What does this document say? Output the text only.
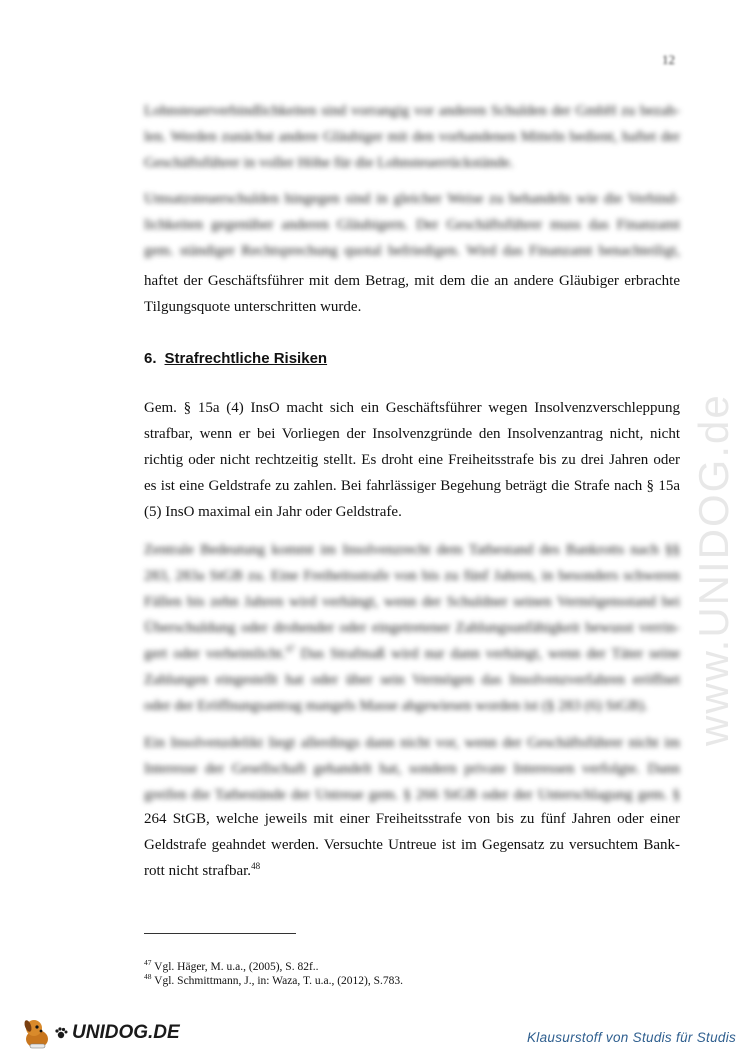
12
Lohnsteuerverbindlichkeiten sind vorrangig vor anderen Schulden der GmbH zu bezah-
len. Werden zunächst andere Gläubiger mit den vorhandenen Mitteln bedient, haftet der
Geschäftsführer in voller Höhe für die Lohnsteuerrückstände.
Umsatzsteuerschulden hingegen sind in gleicher Weise zu behandeln wie die Verbind-
lichkeiten gegenüber anderen Gläubigern. Der Geschäftsführer muss das Finanzamt
gem. ständiger Rechtsprechung quotal befriedigen. Wird das Finanzamt benachteiligt,
haftet der Geschäftsführer mit dem Betrag, mit dem die an andere Gläubiger erbrachte
Tilgungsquote unterschritten wurde.
6. Strafrechtliche Risiken
Gem. § 15a (4) InsO macht sich ein Geschäftsführer wegen Insolvenzverschleppung
strafbar, wenn er bei Vorliegen der Insolvenzgründe den Insolvenzantrag nicht, nicht
richtig oder nicht rechtzeitig stellt. Es droht eine Freiheitsstrafe bis zu drei Jahren oder
es ist eine Geldstrafe zu zahlen. Bei fahrlässiger Begehung beträgt die Strafe nach § 15a
(5) InsO maximal ein Jahr oder Geldstrafe.
Zentrale Bedeutung kommt im Insolvenzrecht dem Tatbestand des Bankrotts nach §§
283, 283a StGB zu. Eine Freiheitsstrafe von bis zu fünf Jahren, in besonders schweren
Fällen bis zehn Jahren wird verhängt, wenn der Schuldner seinen Vermögensstand bei
Überschuldung oder drohender oder eingetretener Zahlungsunfähigkeit bewusst verrin-
gert oder verheimlicht.$^{47}$ Das Strafmaß wird nur dann verhängt, wenn der Täter seine
Zahlungen eingestellt hat oder über sein Vermögen das Insolvenzverfahren eröffnet
oder der Eröffnungsantrag mangels Masse abgewiesen worden ist (§ 283 (6) StGB).
Ein Insolvenzdelikt liegt allerdings dann nicht vor, wenn der Geschäftsführer nicht im
Interesse der Gesellschaft gehandelt hat, sondern private Interessen verfolgte. Dann
greifen die Tatbestände der Untreue gem. § 266 StGB oder der Unterschlagung gem. §
264 StGB, welche jeweils mit einer Freiheitsstrafe von bis zu fünf Jahren oder einer
Geldstrafe geahndet werden. Versuchte Untreue ist im Gegensatz zu versuchtem Bank-
rott nicht strafbar.$^{48}$
$^{47}$ Vgl. Häger, M. u.a., (2005), S. 82f..
$^{48}$ Vgl. Schmittmann, J., in: Waza, T. u.a., (2012), S.783.
www.UNIDOG.de
UNIDOG.DE	Klausurstoff von Studis für Studis
